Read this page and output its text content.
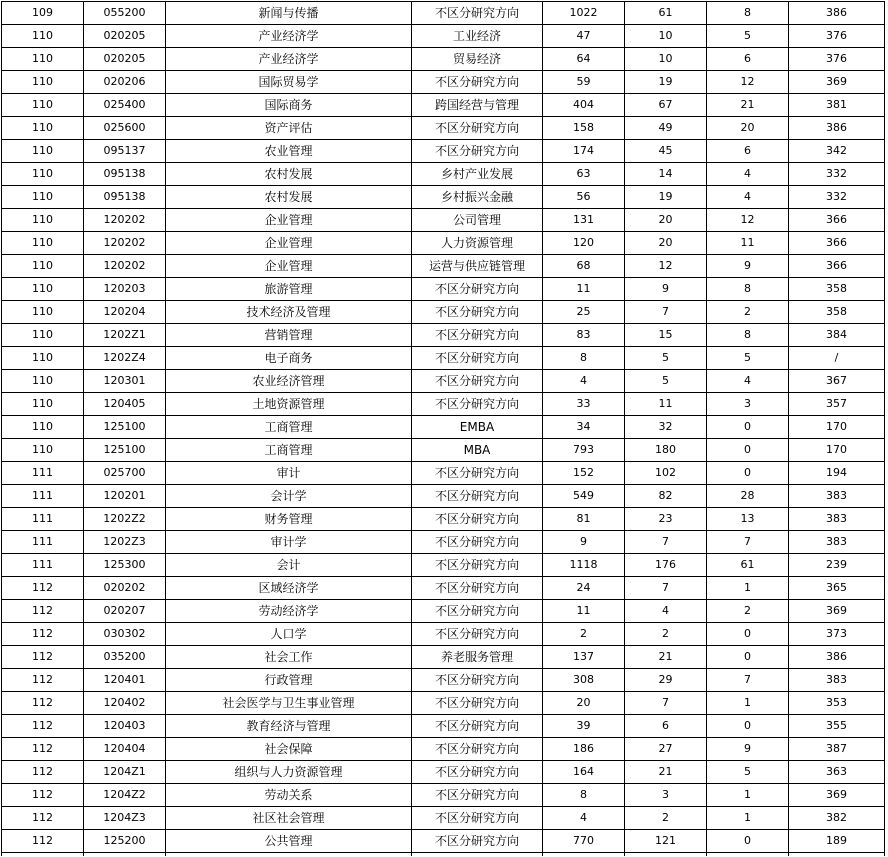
109	055200	新闻与传播	不区分研究方向	1022	61	8	386
110	020205	产业经济学	工业经济	47	10	5	376
110	020205	产业经济学	贸易经济	64	10	6	376
110	020206	国际贸易学	不区分研究方向	59	19	12	369
110	025400	国际商务	跨国经营与管理	404	67	21	381
110	025600	资产评估	不区分研究方向	158	49	20	386
110	095137	农业管理	不区分研究方向	174	45	6	342
110	095138	农村发展	乡村产业发展	63	14	4	332
110	095138	农村发展	乡村振兴金融	56	19	4	332
110	120202	企业管理	公司管理	131	20	12	366
110	120202	企业管理	人力资源管理	120	20	11	366
110	120202	企业管理	运营与供应链管理	68	12	9	366
110	120203	旅游管理	不区分研究方向	11	9	8	358
110	120204	技术经济及管理	不区分研究方向	25	7	2	358
110	1202Z1	营销管理	不区分研究方向	83	15	8	384
110	1202Z4	电子商务	不区分研究方向	8	5	5	/
110	120301	农业经济管理	不区分研究方向	4	5	4	367
110	120405	土地资源管理	不区分研究方向	33	11	3	357
110	125100	工商管理	EMBA	34	32	0	170
110	125100	工商管理	MBA	793	180	0	170
111	025700	审计	不区分研究方向	152	102	0	194
111	120201	会计学	不区分研究方向	549	82	28	383
111	1202Z2	财务管理	不区分研究方向	81	23	13	383
111	1202Z3	审计学	不区分研究方向	9	7	7	383
111	125300	会计	不区分研究方向	1118	176	61	239
112	020202	区域经济学	不区分研究方向	24	7	1	365
112	020207	劳动经济学	不区分研究方向	11	4	2	369
112	030302	人口学	不区分研究方向	2	2	0	373
112	035200	社会工作	养老服务管理	137	21	0	386
112	120401	行政管理	不区分研究方向	308	29	7	383
112	120402	社会医学与卫生事业管理	不区分研究方向	20	7	1	353
112	120403	教育经济与管理	不区分研究方向	39	6	0	355
112	120404	社会保障	不区分研究方向	186	27	9	387
112	1204Z1	组织与人力资源管理	不区分研究方向	164	21	5	363
112	1204Z2	劳动关系	不区分研究方向	8	3	1	369
112	1204Z3	社区社会管理	不区分研究方向	4	2	1	382
112	125200	公共管理	不区分研究方向	770	121	0	189
